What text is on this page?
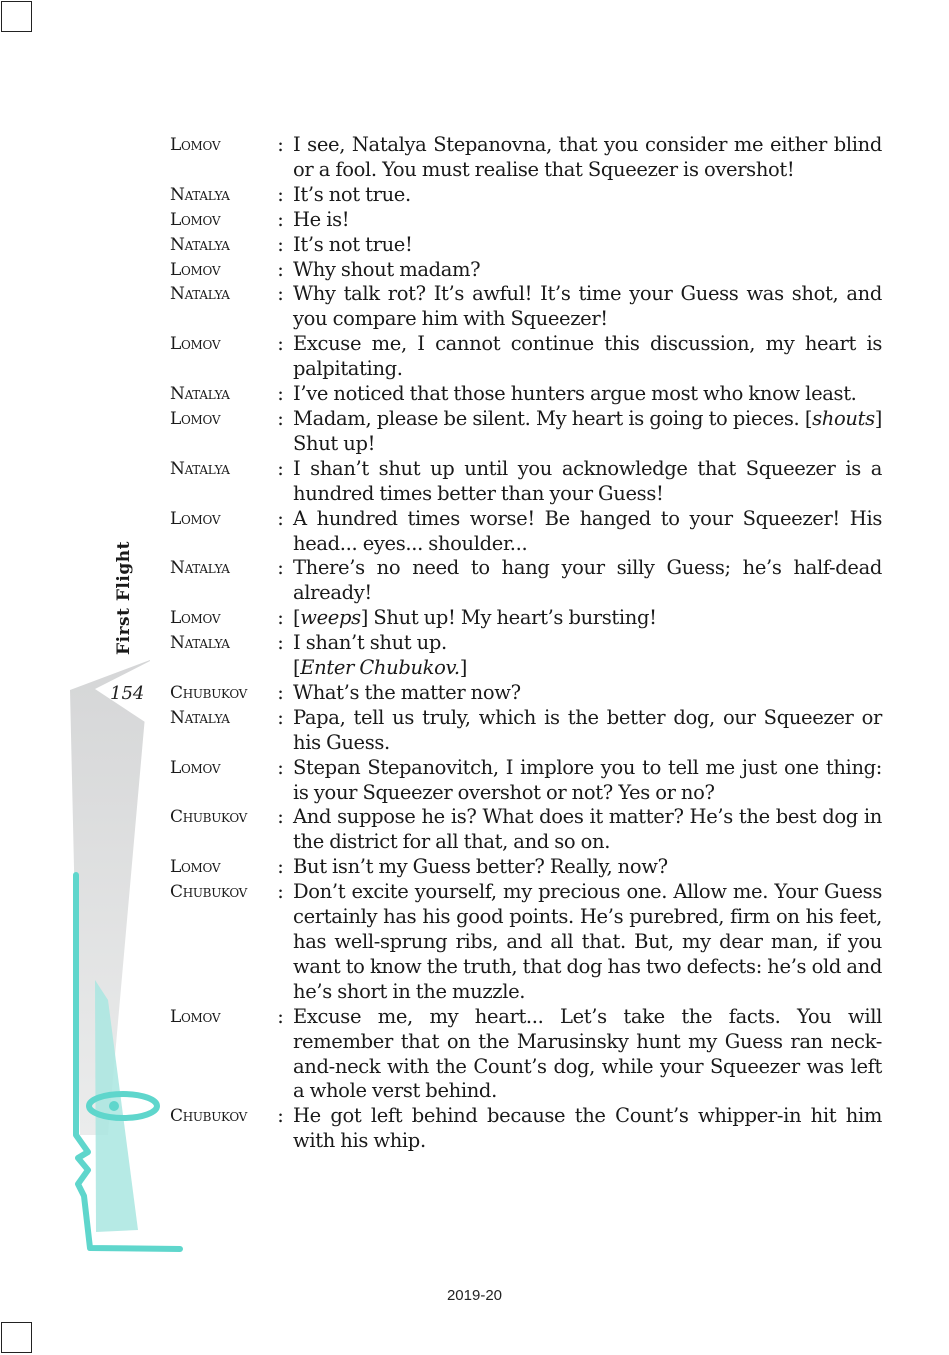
First Flight
154
Lomov	: I see, Natalya Stepanovna, that you consider me either blind or a fool. You must realise that Squeezer is overshot!
Natalya	: It’s not true.
Lomov	: He is!
Natalya	: It’s not true!
Lomov	: Why shout madam?
Natalya	: Why talk rot? It’s awful! It’s time your Guess was shot, and you compare him with Squeezer!
Lomov	: Excuse me, I cannot continue this discussion, my heart is palpitating.
Natalya	: I’ve noticed that those hunters argue most who know least.
Lomov	: Madam, please be silent. My heart is going to pieces. [shouts] Shut up!
Natalya	: I shan’t shut up until you acknowledge that Squeezer is a hundred times better than your Guess!
Lomov	: A hundred times worse! Be hanged to your Squeezer! His head... eyes... shoulder...
Natalya	: There’s no need to hang your silly Guess; he’s half-dead already!
Lomov	: [weeps] Shut up! My heart’s bursting!
Natalya	: I shan’t shut up.
[Enter Chubukov.]
Chubukov	: What’s the matter now?
Natalya	: Papa, tell us truly, which is the better dog, our Squeezer or his Guess.
Lomov	: Stepan Stepanovitch, I implore you to tell me just one thing: is your Squeezer overshot or not? Yes or no?
Chubukov	: And suppose he is? What does it matter? He’s the best dog in the district for all that, and so on.
Lomov	: But isn’t my Guess better? Really, now?
Chubukov	: Don’t excite yourself, my precious one. Allow me. Your Guess certainly has his good points. He’s purebred, firm on his feet, has well-sprung ribs, and all that. But, my dear man, if you want to know the truth, that dog has two defects: he’s old and he’s short in the muzzle.
Lomov	: Excuse me, my heart... Let’s take the facts. You will remember that on the Marusinsky hunt my Guess ran neck-and-neck with the Count’s dog, while your Squeezer was left a whole verst behind.
Chubukov	: He got left behind because the Count’s whipper-in hit him with his whip.
2019-20
